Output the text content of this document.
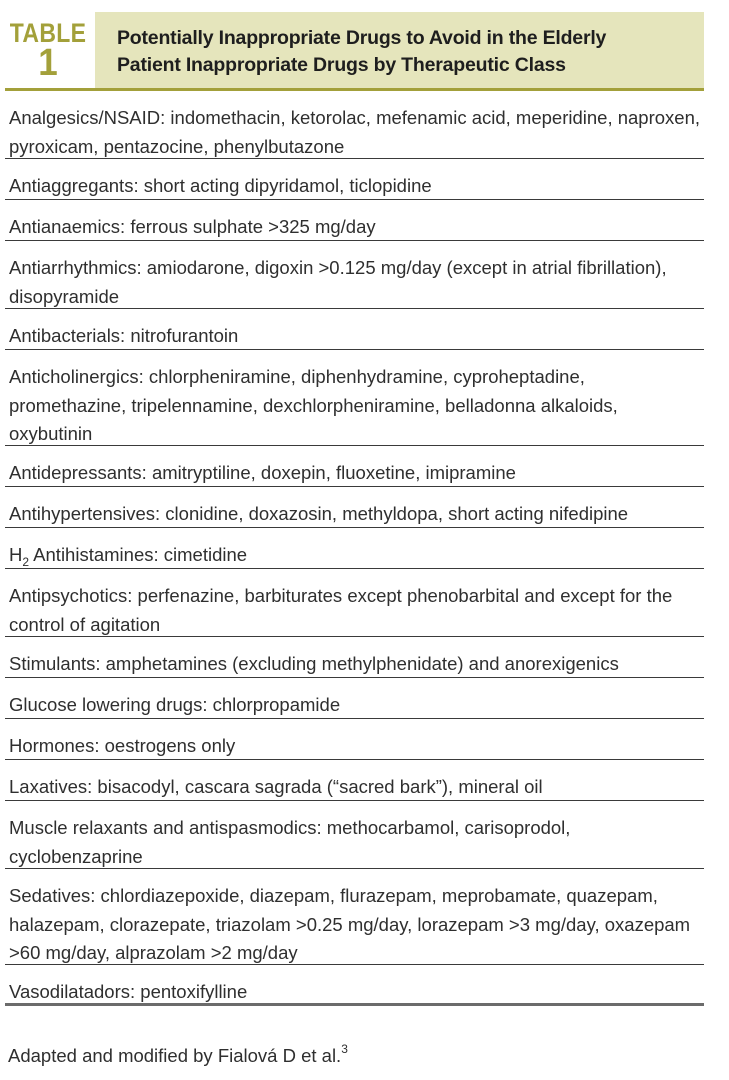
TABLE
1
Potentially Inappropriate Drugs to Avoid in the Elderly
Patient Inappropriate Drugs by Therapeutic Class
Analgesics/NSAID: indomethacin, ketorolac, mefenamic acid, meperidine, naproxen, pyroxicam, pentazocine, phenylbutazone
Antiaggregants: short acting dipyridamol, ticlopidine
Antianaemics: ferrous sulphate >325 mg/day
Antiarrhythmics: amiodarone, digoxin >0.125 mg/day (except in atrial fibrillation), disopyramide
Antibacterials: nitrofurantoin
Anticholinergics: chlorpheniramine, diphenhydramine, cyproheptadine, promethazine, tripelennamine, dexchlorpheniramine, belladonna alkaloids, oxybutinin
Antidepressants: amitryptiline, doxepin, fluoxetine, imipramine
Antihypertensives: clonidine, doxazosin, methyldopa, short acting nifedipine
$H_2$ Antihistamines: cimetidine
Antipsychotics: perfenazine, barbiturates except phenobarbital and except for the control of agitation
Stimulants: amphetamines (excluding methylphenidate) and anorexigenics
Glucose lowering drugs: chlorpropamide
Hormones: oestrogens only
Laxatives: bisacodyl, cascara sagrada (“sacred bark”), mineral oil
Muscle relaxants and antispasmodics: methocarbamol, carisoprodol, cyclobenzaprine
Sedatives: chlordiazepoxide, diazepam, flurazepam, meprobamate, quazepam, halazepam, clorazepate, triazolam >0.25 mg/day, lorazepam >3 mg/day, oxazepam >60 mg/day, alprazolam >2 mg/day
Vasodilatadors: pentoxifylline
Adapted and modified by Fialová D et al.$^3$
